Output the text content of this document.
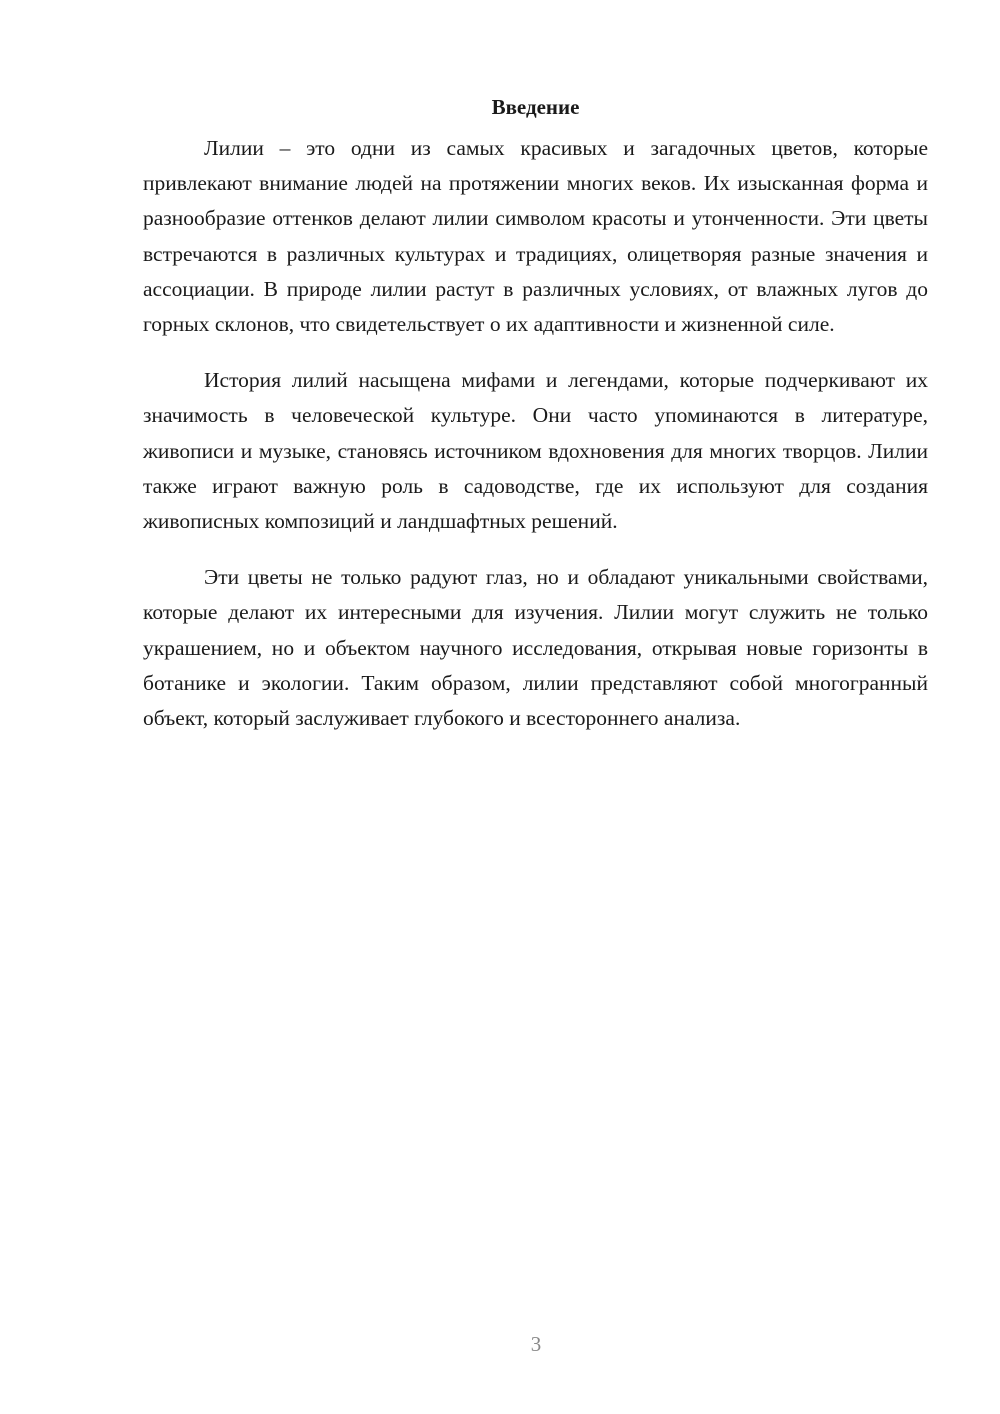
Введение

Лилии – это одни из самых красивых и загадочных цветов, которые привлекают внимание людей на протяжении многих веков. Их изысканная форма и разнообразие оттенков делают лилии символом красоты и утонченности. Эти цветы встречаются в различных культурах и традициях, олицетворяя разные значения и ассоциации. В природе лилии растут в различных условиях, от влажных лугов до горных склонов, что свидетельствует о их адаптивности и жизненной силе.

История лилий насыщена мифами и легендами, которые подчеркивают их значимость в человеческой культуре. Они часто упоминаются в литературе, живописи и музыке, становясь источником вдохновения для многих творцов. Лилии также играют важную роль в садоводстве, где их используют для создания живописных композиций и ландшафтных решений.

Эти цветы не только радуют глаз, но и обладают уникальными свойствами, которые делают их интересными для изучения. Лилии могут служить не только украшением, но и объектом научного исследования, открывая новые горизонты в ботанике и экологии. Таким образом, лилии представляют собой многогранный объект, который заслуживает глубокого и всестороннего анализа.

3
